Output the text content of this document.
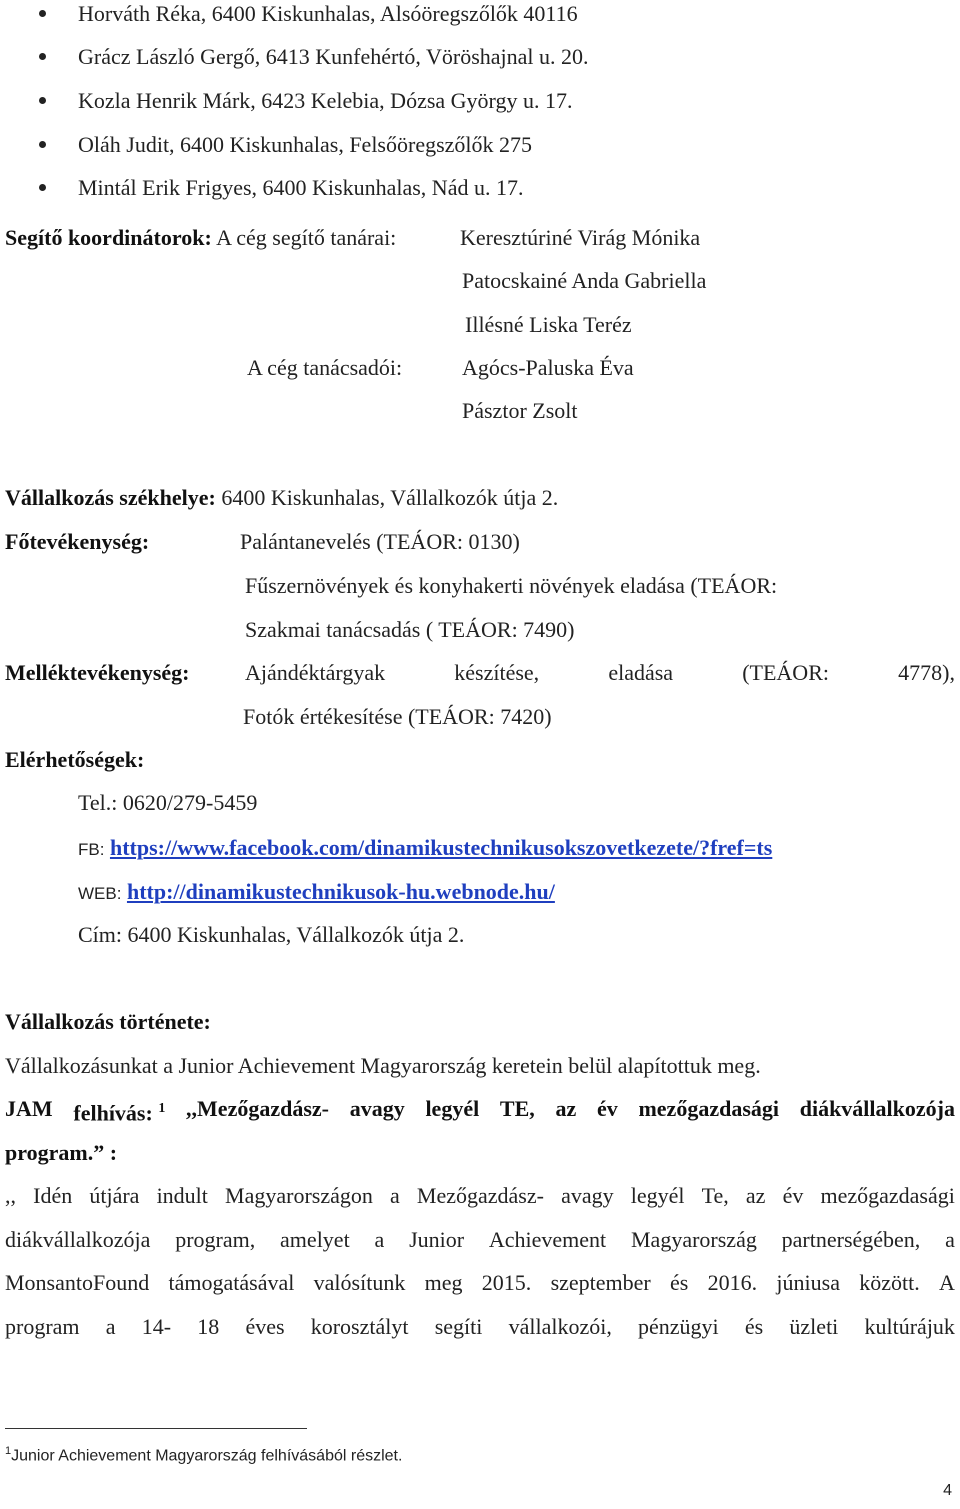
Horváth Réka, 6400 Kiskunhalas, Alsóöregszőlők 40116
Grácz László Gergő, 6413 Kunfehértó, Vöröshajnal u. 20.
Kozla Henrik Márk, 6423 Kelebia, Dózsa György u. 17.
Oláh Judit, 6400 Kiskunhalas, Felsőöregszőlők 275
Mintál Erik Frigyes, 6400 Kiskunhalas, Nád u. 17.
Segítő koordinátorok: A cég segítő tanárai:	Keresztúriné Virág Mónika
Patocskainé Anda Gabriella
Illésné Liska Teréz
A cég tanácsadói:	Agócs-Paluska Éva
Pásztor Zsolt
Vállalkozás székhelye: 6400 Kiskunhalas, Vállalkozók útja 2.
Főtevékenység:	Palántanevelés (TEÁOR: 0130)
Fűszernövények és konyhakerti növények eladása (TEÁOR:
Szakmai tanácsadás ( TEÁOR: 7490)
Melléktevékenység:	Ajándéktárgyak	készítése,	eladása	(TEÁOR:	4778),
Fotók értékesítése (TEÁOR: 7420)
Elérhetőségek:
Tel.: 0620/279-5459
FB: https://www.facebook.com/dinamikustechnikusokszovetkezete/?fref=ts
WEB: http://dinamikustechnikusok-hu.webnode.hu/
Cím: 6400 Kiskunhalas, Vállalkozók útja 2.
Vállalkozás története:
Vállalkozásunkat a Junior Achievement Magyarország keretein belül alapítottuk meg.
JAM felhívás: $^1$ ,,Mezőgazdász- avagy legyél TE, az év mezőgazdasági diákvállalkozója
program.” :
,, Idén útjára indult Magyarországon a Mezőgazdász- avagy legyél Te, az év mezőgazdasági
diákvállalkozója program, amelyet a Junior Achievement Magyarország partnerségében, a
MonsantoFound támogatásával valósítunk meg 2015. szeptember és 2016. júniusa között. A
program a 14- 18 éves korosztályt segíti vállalkozói, pénzügyi és üzleti kultúrájuk
$^1$Junior Achievement Magyarország felhívásából részlet.
4
